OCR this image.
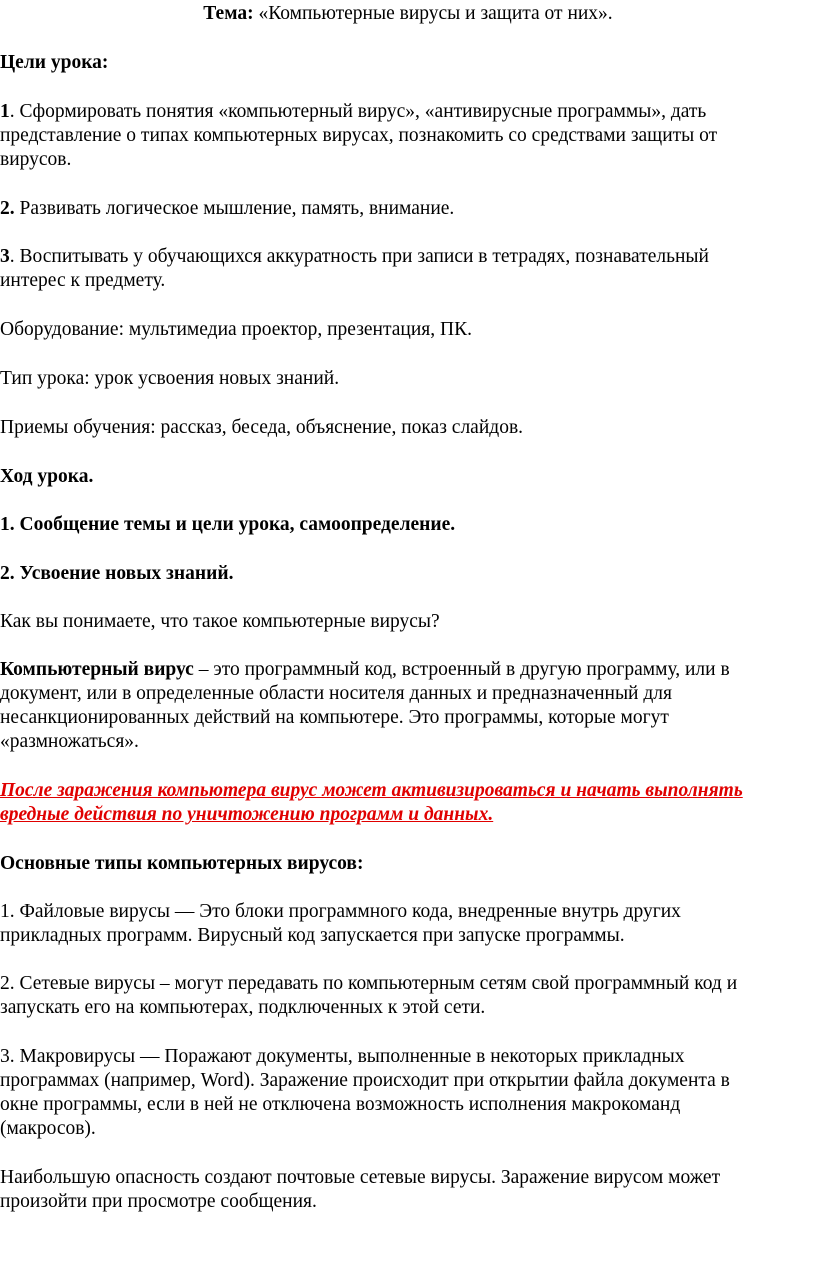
Тема: «Компьютерные вирусы и защита от них».
Цели урока:
1. Сформировать понятия «компьютерный вирус», «антивирусные программы», дать
представление о типах компьютерных вирусах, познакомить со средствами защиты от
вирусов.
2. Развивать логическое мышление, память, внимание.
3. Воспитывать у обучающихся аккуратность при записи в тетрадях, познавательный
интерес к предмету.
Оборудование: мультимедиа проектор, презентация, ПК.
Тип урока: урок усвоения новых знаний.
Приемы обучения: рассказ, беседа, объяснение, показ слайдов.
Ход урока.
1. Сообщение темы и цели урока, самоопределение.
2. Усвоение новых знаний.
Как вы понимаете, что такое компьютерные вирусы?
Компьютерный вирус – это программный код, встроенный в другую программу, или в
документ, или в определенные области носителя данных и предназначенный для
несанкционированных действий на компьютере. Это программы, которые могут
«размножаться».
После заражения компьютера вирус может активизироваться и начать выполнять
вредные действия по уничтожению программ и данных.
Основные типы компьютерных вирусов:
1. Файловые вирусы — Это блоки программного кода, внедренные внутрь других
прикладных программ. Вирусный код запускается при запуске программы.
2. Сетевые вирусы – могут передавать по компьютерным сетям свой программный код и
запускать его на компьютерах, подключенных к этой сети.
3. Макровирусы — Поражают документы, выполненные в некоторых прикладных
программах (например, Word). Заражение происходит при открытии файла документа в
окне программы, если в ней не отключена возможность исполнения макрокоманд
(макросов).
Наибольшую опасность создают почтовые сетевые вирусы. Заражение вирусом может
произойти при просмотре сообщения.
